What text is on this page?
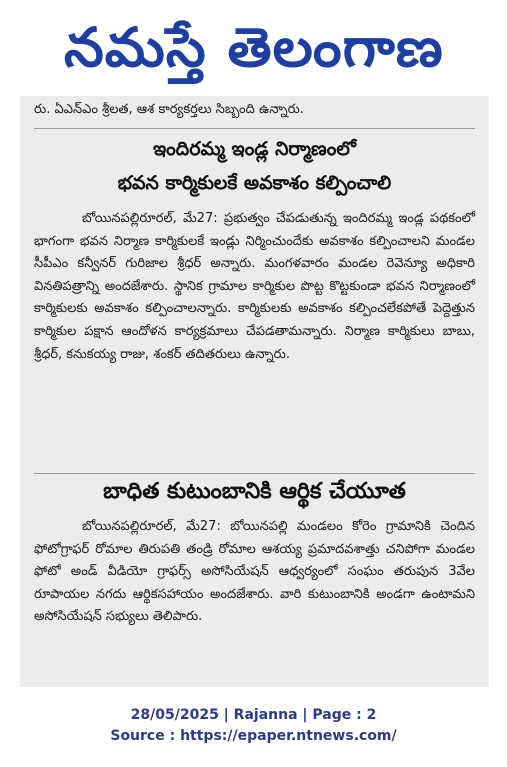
నమస్తే తెలంగాణ

రు. ఏఎన్ఎం శ్రీలత, ఆశ కార్యకర్తలు సిబ్బంది ఉన్నారు.

ఇందిరమ్మ ఇండ్ల నిర్మాణంలో
భవన కార్మికులకే అవకాశం కల్పించాలి

బోయినపల్లిరూరల్, మే27: ప్రభుత్వం చేపడుతున్న ఇందిరమ్మ ఇండ్ల పథకంలో భాగంగా భవన నిర్మాణ కార్మికులకే ఇండ్లు నిర్మించుందేకు అవకాశం కల్పించాలని మండల సీపీఎం కన్వీనర్ గురిజాల శ్రీధర్ అన్నారు. మంగళవారం మండల రెవెన్యూ అధికారి వినతిపత్రాన్ని అందజేశారు. స్థానిక గ్రామాల కార్మికుల పొట్ట కొట్టకుండా భవన నిర్మాణంలో కార్మికులకు అవకాశం కల్పించాలన్నారు. కార్మికులకు అవకాశం కల్పించలేకపోతే పెద్దెత్తున కార్మికుల పక్షాన ఆందోళన కార్యక్రమాలు చేపడతామన్నారు. నిర్మాణ కార్మికులు బాబు, శ్రీధర్, కనుకయ్య రాజు, శంకర్ తదితరులు ఉన్నారు.

బాధిత కుటుంబానికి ఆర్థిక చేయూత

బోయినపల్లిరూరల్, మే27: బోయినపల్లి మండలం కోరెం గ్రామానికి చెందిన ఫోటోగ్రాఫర్ రోమాల తిరుపతి తండ్రి రోమాల ఆశయ్య ప్రమాదవశాత్తు చనిపోగా మండల ఫోటో అండ్ వీడియో గ్రాఫర్స్ అసోసియేషన్ ఆధ్వర్యంలో సంఘం తరుపున 3వేల రూపాయల నగదు ఆర్థికసహాయం అందజేశారు. వారి కుటుంబానికి అండగా ఉంటామని అసోసియేషన్ సభ్యులు తెలిపారు.

28/05/2025 | Rajanna | Page : 2

Source : https://epaper.ntnews.com/
